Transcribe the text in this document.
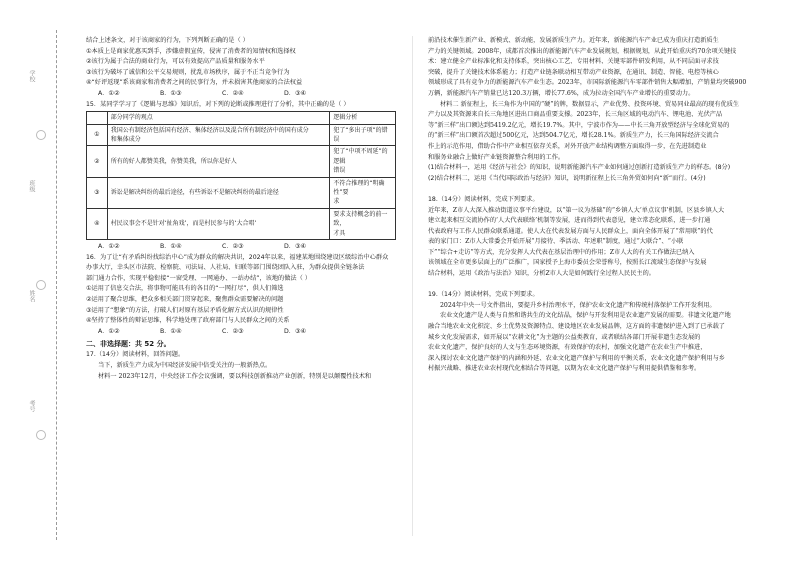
学校
班级
姓名
考号
结合上述条文，对于该商家的行为，下列判断正确的是（ ）
①本质上是商家优惠买到手，涉嫌虚假宣传，侵害了消费者的知情权和选择权
②该行为属于合法的商业行为，可以有效提高产品质量和服务水平
③该行为破坏了诚信和公平交易规则，扰乱市场秩序，属于不正当竞争行为
④“好评返现”系该商家和消费者之间的民事行为，并未损害其他商家的合法权益
A．①②	B．①③	C．②④	D．③④
15．某同学学习了《逻辑与思维》知识后，对下列的论断或推理进行了分析，其中正确的是（ ）
	部分同学的观点	逻辑分析
①	我国公有制经济包括国有经济、集体经济以及混合所有制经济中的国有成分
和集体成分	犯了“多出子项”的错误

②	所有的好人都赞美我，你赞美我，所以你是好人	犯了“中项不周延”的逻辑
错误

③	诉讼是解决纠纷的最后途径，有些诉讼不是解决纠纷的最后途径	不符合推理的“明确性”要
求

④	村民议事会不是针对‘扯角戏’，而是村民参与的‘大合唱’	要求支持概念的前一致，
才具
A．①②	B．①④	C．②③	D．③④
16．为了让“有矛盾纠纷找综治中心”成为群众的解决共识，2024年以来，福建某地围绕建设区级综治中心群众
办事大厅，幸头区市法院、检察院、司法局、人社局、妇联等部门围绕团队入驻，为群众提供全链条法
部门通力合作，实现平稳衔接“一窗受理、一网通办、一站办结”，该地的做法（ ）
①运用了信息交合法，将事物可能具有的各目的“一网打尽”，供人们筛选
②运用了聚合思维，把众多相关部门贯穿起来，聚焦群众需要解决的问题
③运用了“想象”的方法，打破人们对原有基层矛盾化解方式认识的规律性
④坚持了整体性的辩证思维，科学地处理了政府部门与人民群众之间的关系
A．①②	B．①④	C．②③	D．③④
二、非选择题：共 52 分。
17.（14分）阅读材料，回答问题。
当下，新质生产力成为中国经济发展中倍受关注的一般新热点。
材料一 2023年12月，中央经济工作会议强调，要以科技创新推动产业创新，特别是以颠覆性技术和
前沿技术催生新产业、新模式、新动能，发展新质生产力。近年来，新能源汽车产业已成为重庆打造新质生
产力的关键领域。2008年，成都首次推出的新能源汽车产业发展规划，根据规划，从此开始重庆约70余项关键技
术：建立健全产业标准化和支持体系，突出核心工艺、专用材料、关键零部件研发利用，从不同层面寻求技
突破，提升了关键技术体系能力；打造产业链条联动相互带动产业资源，在通讯、制造、智能、电控等核心
领域形成了具有竞争力的新能源汽车产业生态。2023年，市国际新能源汽车零部件销售大幅增加，产销量均突破900
万辆，新能源汽车产销量已达120.3万辆，增长77.6%，成为拉动全国汽车产业增长的重要动力。
材料二 新征程上，长三角作为中国的“硬”的牌，数据显示，产业优势、投资环境、贸易同业最高的现有优质生
产力以及其资源来自长三角地区进出口商品重要支撑。2023年，长三角区域的电动汽车、锂电池、光伏产品
等“新三样”出口额达到5419.2亿元，增长19.7%。其中，宁波市作为——中长三角开放型经济与全球化贸易的
的“新三样”出口额首次超过500亿元，达到504.7亿元，增长28.1%。新质生产力，长三角国际经济交流合
作上的示范作用，借助合作中产业相互依存关系，对外开放产业结构调整方面取得一步，在先进制造业
和服务业融合上做好产业链资源整合利用的工作。
(1)结合材料一，运用《经济与社会》的知识，说明新能源汽车产业如何通过创新打造新质生产力的样态。(8分)
(2)结合材料二，运用《当代国际政治与经济》知识，说明新征程上长三角外贸如何向“新”而行。(4分)

18.（14分）阅读材料，完成下列要求。
近年来，Z市人大深入推动街道议事平台建设，以“第一议为基础”的“乡镇人大‘单点议事’机制，区县乡镇人大
建立起来相互交流协作的‘人大代表联络’机制等发展，进而得到代表意见，建立常态化联系，进一步打通
代表政府与工作人民群众联系通道。使人大在代表发展方面与人民群众上，面向全体开展了“常用联”的代
表的家门口：Z市人大常委会开始开展“月接待、季活动、年述职”制度，通过“大联合”、“小联
下”“综合+走访”等方式，充分发挥人大代表在基层治理中的作用；Z市人大的有关工作做法已纳入
该领域在全市更多层面上的广泛推广，国家授予上海市委员会荣誉称号，按照长江流域生态保护与发展
结合材料，运用《政治与法治》知识，分析Z市人大是如何践行全过程人民民主的。

19.（14分）阅读材料，完成下列要求。
2024年中央一号文件指出，要提升乡村治理水平，保护农业文化遗产和传统村落保护工作开发利用。
农业文化遗产是人类与自然和谐共生的文化结晶，保护与开发利用是农业遗产发展的需要。非遗文化遗产地
融合当地农业文化积淀、乡土优势及资源特点、建设地区农业发展品牌，这方面的非遗保护进入到了已承载了
城乡文化发展需求，如开展以“农耕文化”为主题的公益类教育，或者联结各部门开展非遗生态发展的
农业文化遗产，保护良好的人文与生态环境资源，有效保护的农村，加强文化遗产在农业生产中推进，
深入探讨农业文化遗产保护的内涵和外延、农业文化遗产保护与利用的平衡关系，农业文化遗产保护利用与乡
村振兴战略、推进农业农村现代化相结合等问题，以期为农业文化遗产保护与利用提供借鉴和参考。
